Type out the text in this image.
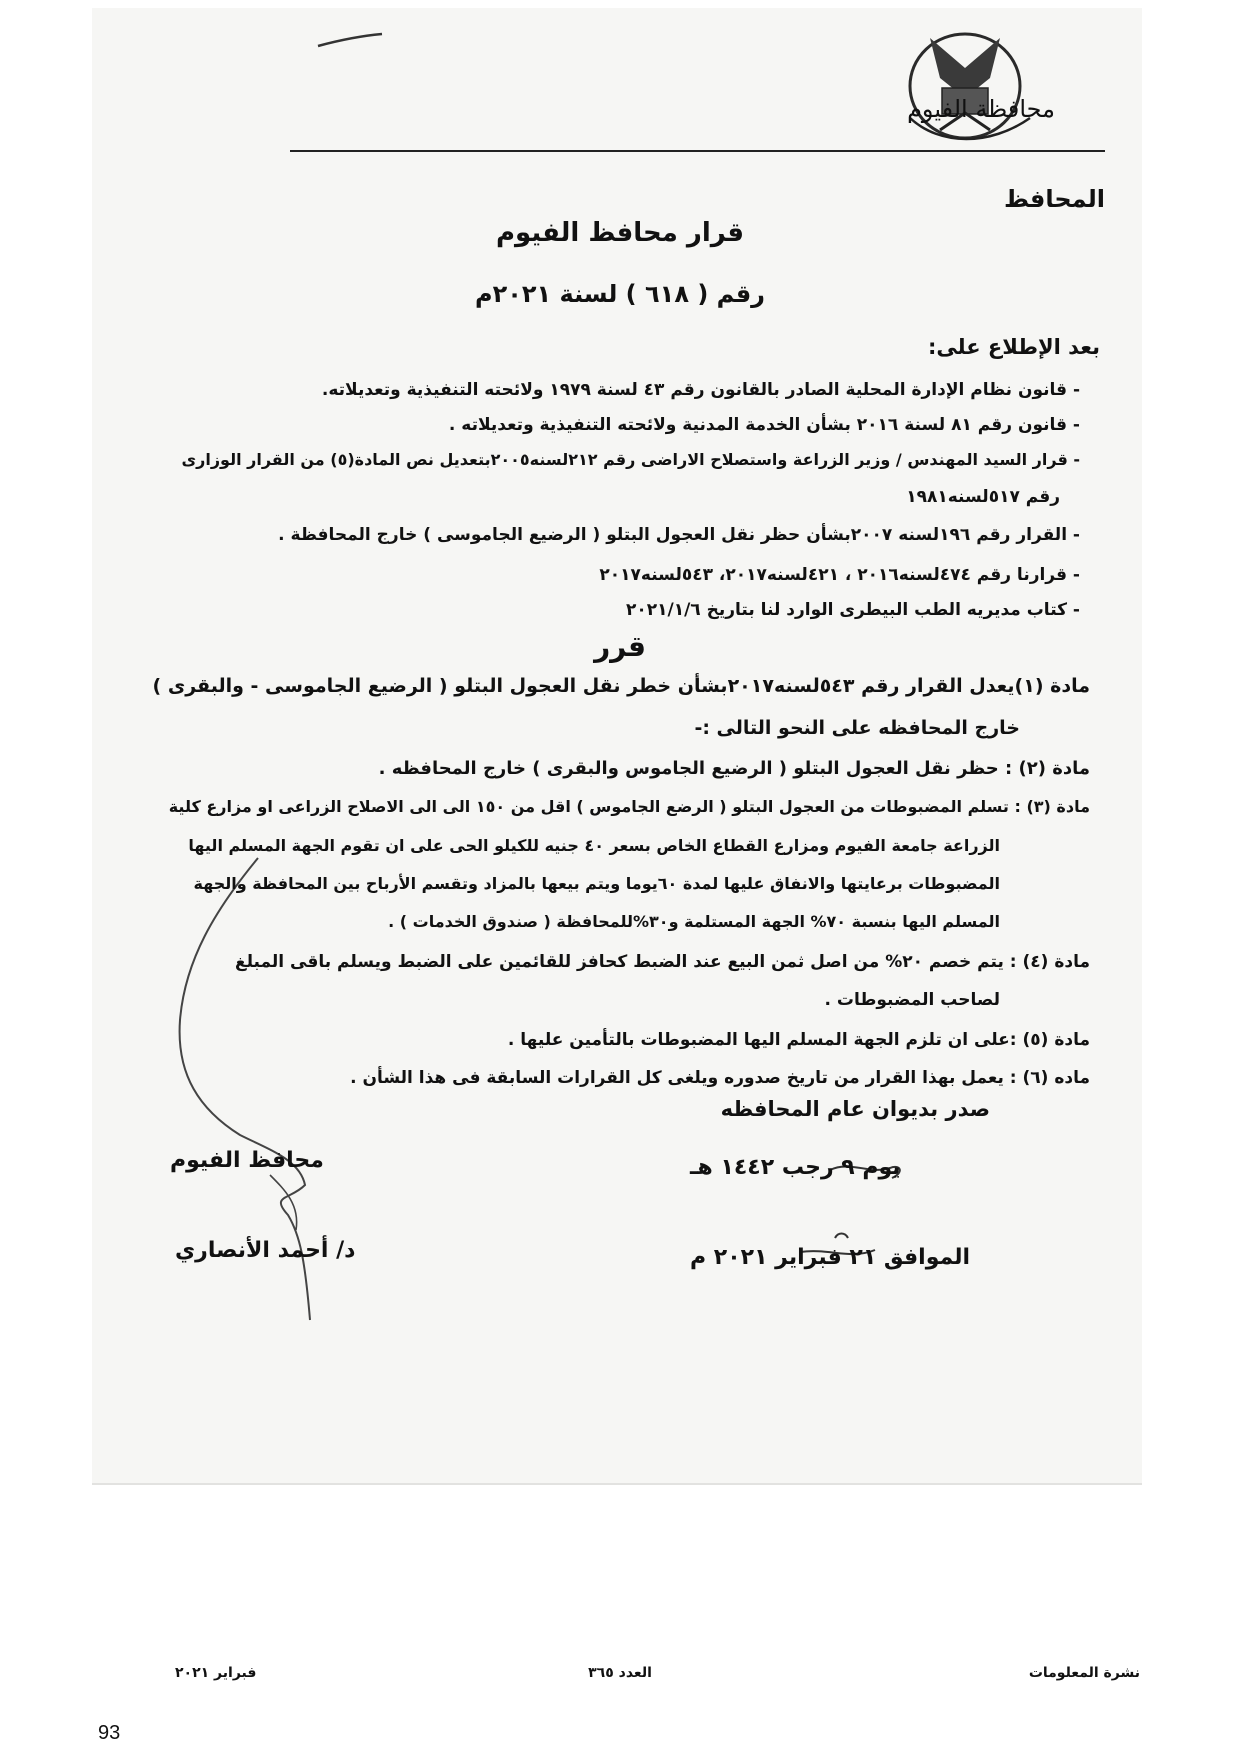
محافظة الفيوم
المحافظ
قرار محافظ الفيوم
رقم ( ٦١٨ ) لسنة ٢٠٢١م
بعد الإطلاع على:
- قانون نظام الإدارة المحلية الصادر بالقانون رقم ٤٣ لسنة ١٩٧٩ ولائحته التنفيذية وتعديلاته.
- قانون رقم ٨١ لسنة ٢٠١٦ بشأن الخدمة المدنية ولائحته التنفيذية وتعديلاته .
- قرار السيد المهندس / وزير الزراعة واستصلاح الاراضى رقم ٢١٢لسنه٢٠٠٥بتعديل نص المادة(٥) من القرار الوزارى
رقم ٥١٧لسنه١٩٨١
- القرار رقم ١٩٦لسنه ٢٠٠٧بشأن حظر نقل العجول البتلو ( الرضيع الجاموسى ) خارج المحافظة .
- قرارنا رقم ٤٧٤لسنه٢٠١٦ ، ٤٢١لسنه٢٠١٧، ٥٤٣لسنه٢٠١٧
- كتاب مديريه الطب البيطرى الوارد لنا بتاريخ ٢٠٢١/١/٦
قرر
مادة (١)يعدل القرار رقم ٥٤٣لسنه٢٠١٧بشأن خطر نقل العجول البتلو ( الرضيع الجاموسى - والبقرى )
خارج المحافظه على النحو التالى :-
مادة (٢) : حظر نقل العجول البتلو ( الرضيع الجاموس والبقرى ) خارج المحافظه .
مادة (٣) : تسلم المضبوطات من العجول البتلو ( الرضع الجاموس ) اقل من ١٥٠ الى الى الاصلاح الزراعى او مزارع كلية
الزراعة جامعة الفيوم ومزارع القطاع الخاص بسعر ٤٠ جنيه للكيلو الحى على ان تقوم الجهة المسلم اليها
المضبوطات برعايتها والانفاق عليها لمدة ٦٠يوما ويتم بيعها بالمزاد وتقسم الأرباح بين المحافظة والجهة
المسلم اليها بنسبة ٧٠% الجهة المستلمة و٣٠%للمحافظة ( صندوق الخدمات ) .
مادة (٤) : يتم خصم ٢٠% من اصل ثمن البيع عند الضبط كحافز للقائمين على الضبط ويسلم باقى المبلغ
لصاحب المضبوطات .
مادة (٥) :على ان تلزم الجهة المسلم اليها المضبوطات بالتأمين عليها .
ماده (٦) : يعمل بهذا القرار من تاريخ صدوره ويلغى كل القرارات السابقة فى هذا الشأن .
صدر بديوان عام المحافظه
محافظ الفيوم
د/ أحمد الأنصاري
يوم ٩ رجب ١٤٤٢ هـ
الموافق ٢١ فبراير ٢٠٢١ م
نشرة المعلومات
العدد ٣٦٥
فبراير ٢٠٢١
93
